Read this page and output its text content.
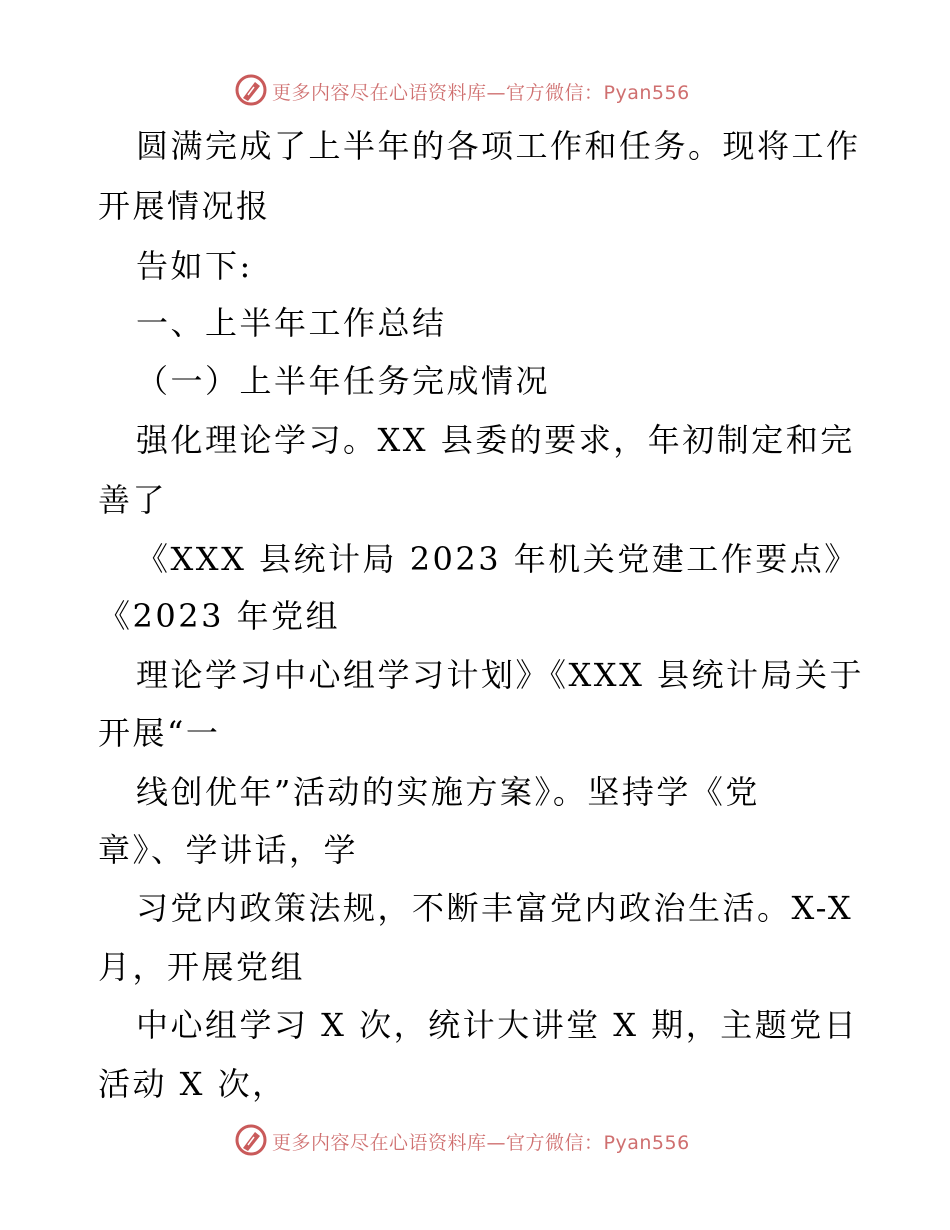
更多内容尽在心语资料库—官方微信：Pyan556
圆满完成了上半年的各项工作和任务。现将工作
开展情况报
告如下:
一、上半年工作总结
（一）上半年任务完成情况
强化理论学习。XX 县委的要求，年初制定和完
善了
《XXX 县统计局 2023 年机关党建工作要点》
《2023 年党组
理论学习中心组学习计划》《XXX 县统计局关于
开展“一
线创优年”活动的实施方案》。坚持学《党
章》、学讲话，学
习党内政策法规，不断丰富党内政治生活。X-X
月，开展党组
中心组学习 X 次，统计大讲堂 X 期，主题党日
活动 X 次，
更多内容尽在心语资料库—官方微信：Pyan556
